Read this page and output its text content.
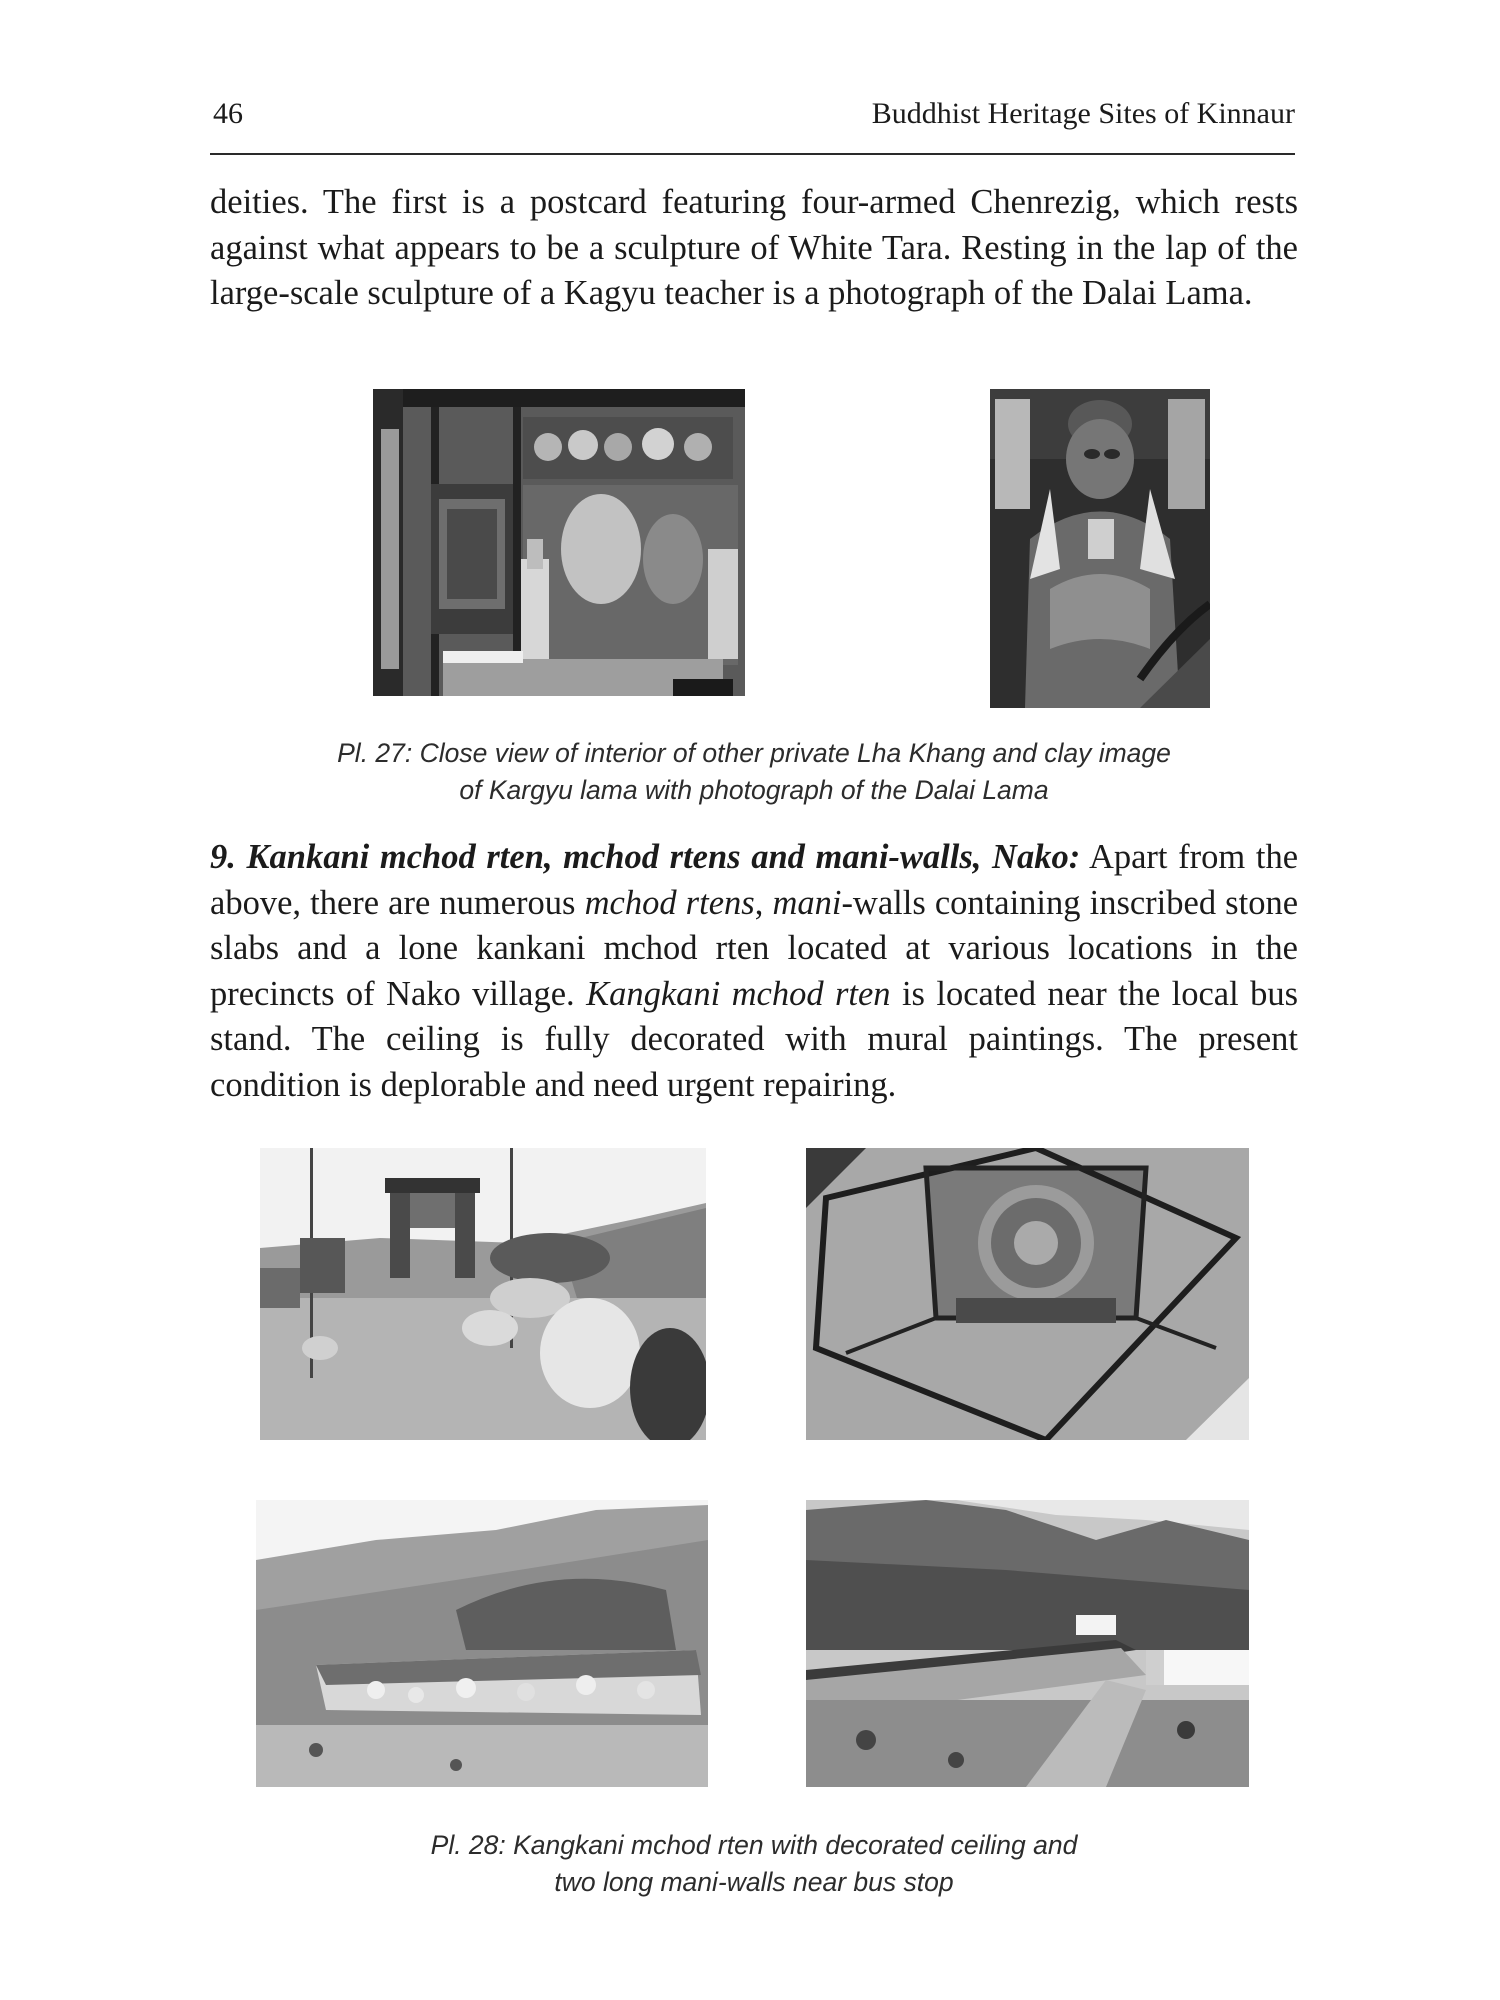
46	Buddhist Heritage Sites of Kinnaur

deities. The first is a postcard featuring four-armed Chenrezig, which rests against what appears to be a sculpture of White Tara. Resting in the lap of the large-scale sculpture of a Kagyu teacher is a photograph of the Dalai Lama.

Pl. 27: Close view of interior of other private Lha Khang and clay image
of Kargyu lama with photograph of the Dalai Lama

9. Kankani mchod rten, mchod rtens and mani-walls, Nako: Apart from the above, there are numerous mchod rtens, mani-walls containing inscribed stone slabs and a lone kankani mchod rten located at various locations in the precincts of Nako village. Kangkani mchod rten is located near the local bus stand. The ceiling is fully decorated with mural paintings. The present condition is deplorable and need urgent repairing.

Pl. 28: Kangkani mchod rten with decorated ceiling and
two long mani-walls near bus stop
